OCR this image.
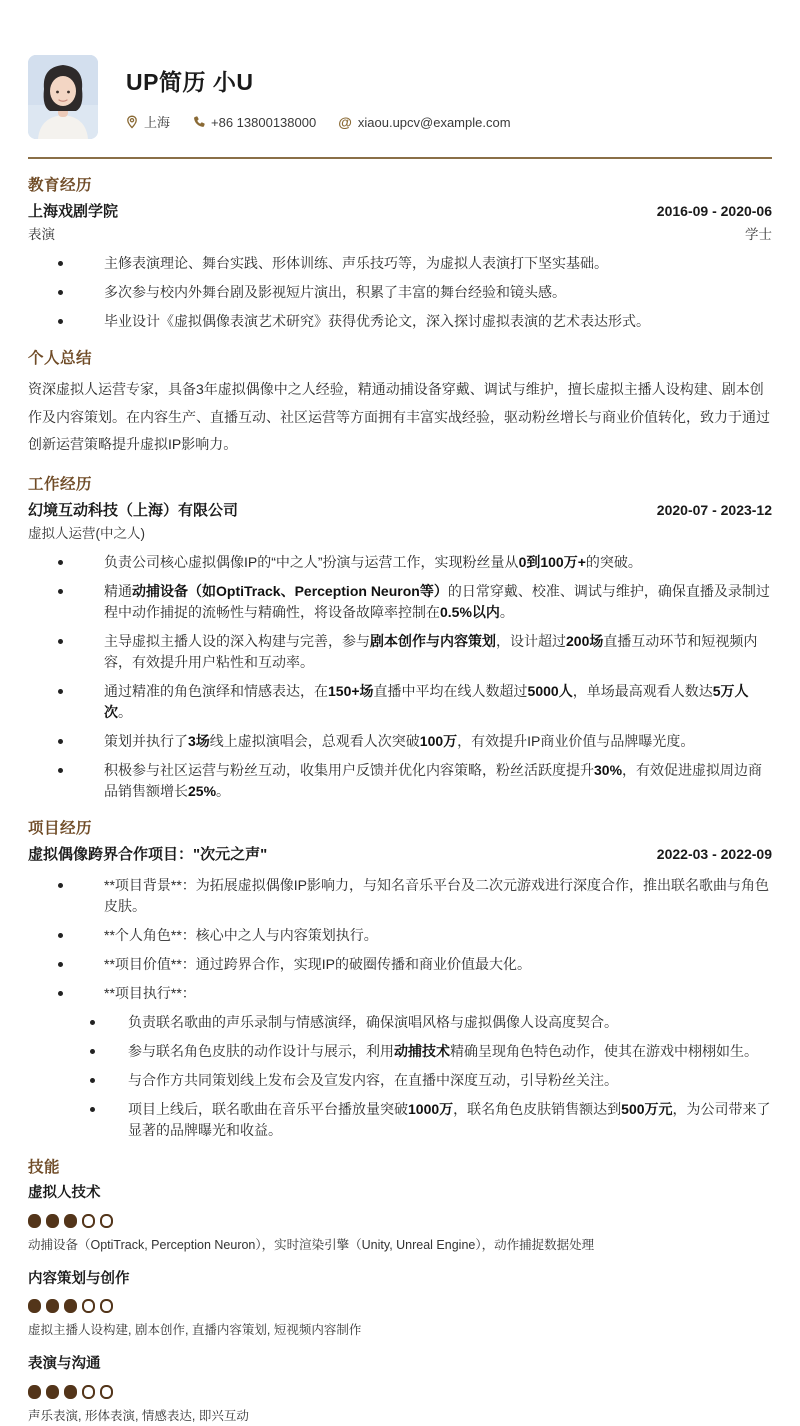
UP简历 小U
上海	+86 13800138000 @ xiaou.upcv@example.com
教育经历
上海戏剧学院	2016-09 - 2020-06
表演	学士
主修表演理论、舞台实践、形体训练、声乐技巧等，为虚拟人表演打下坚实基础。
多次参与校内外舞台剧及影视短片演出，积累了丰富的舞台经验和镜头感。
毕业设计《虚拟偶像表演艺术研究》获得优秀论文，深入探讨虚拟表演的艺术表达形式。
个人总结
资深虚拟人运营专家，具备3年虚拟偶像中之人经验，精通动捕设备穿戴、调试与维护，擅长虚拟主播人设构建、剧本创作及内容策划。在内容生产、直播互动、社区运营等方面拥有丰富实战经验，驱动粉丝增长与商业价值转化，致力于通过创新运营策略提升虚拟IP影响力。
工作经历
幻境互动科技（上海）有限公司	2020-07 - 2023-12
虚拟人运营(中之人)
负责公司核心虚拟偶像IP的“中之人”扮演与运营工作，实现粉丝量从0到100万+的突破。
精通动捕设备（如OptiTrack、Perception Neuron等）的日常穿戴、校准、调试与维护，确保直播及录制过程中动作捕捉的流畅性与精确性，将设备故障率控制在0.5%以内。
主导虚拟主播人设的深入构建与完善，参与剧本创作与内容策划，设计超过200场直播互动环节和短视频内容，有效提升用户粘性和互动率。
通过精准的角色演绎和情感表达，在150+场直播中平均在线人数超过5000人，单场最高观看人数达5万人次。
策划并执行了3场线上虚拟演唱会，总观看人次突破100万，有效提升IP商业价值与品牌曝光度。
积极参与社区运营与粉丝互动，收集用户反馈并优化内容策略，粉丝活跃度提升30%，有效促进虚拟周边商品销售额增长25%。
项目经历
虚拟偶像跨界合作项目："次元之声"	2022-03 - 2022-09
**项目背景**：为拓展虚拟偶像IP影响力，与知名音乐平台及二次元游戏进行深度合作，推出联名歌曲与角色皮肤。
**个人角色**：核心中之人与内容策划执行。
**项目价值**：通过跨界合作，实现IP的破圈传播和商业价值最大化。
**项目执行**：
负责联名歌曲的声乐录制与情感演绎，确保演唱风格与虚拟偶像人设高度契合。
参与联名角色皮肤的动作设计与展示，利用动捕技术精确呈现角色特色动作，使其在游戏中栩栩如生。
与合作方共同策划线上发布会及宣发内容，在直播中深度互动，引导粉丝关注。
项目上线后，联名歌曲在音乐平台播放量突破1000万，联名角色皮肤销售额达到500万元，为公司带来了显著的品牌曝光和收益。
技能
虚拟人技术
动捕设备（OptiTrack, Perception Neuron），实时渲染引擎（Unity, Unreal Engine），动作捕捉数据处理
内容策划与创作
虚拟主播人设构建, 剧本创作, 直播内容策划, 短视频内容制作
表演与沟通
声乐表演, 形体表演, 情感表达, 即兴互动
